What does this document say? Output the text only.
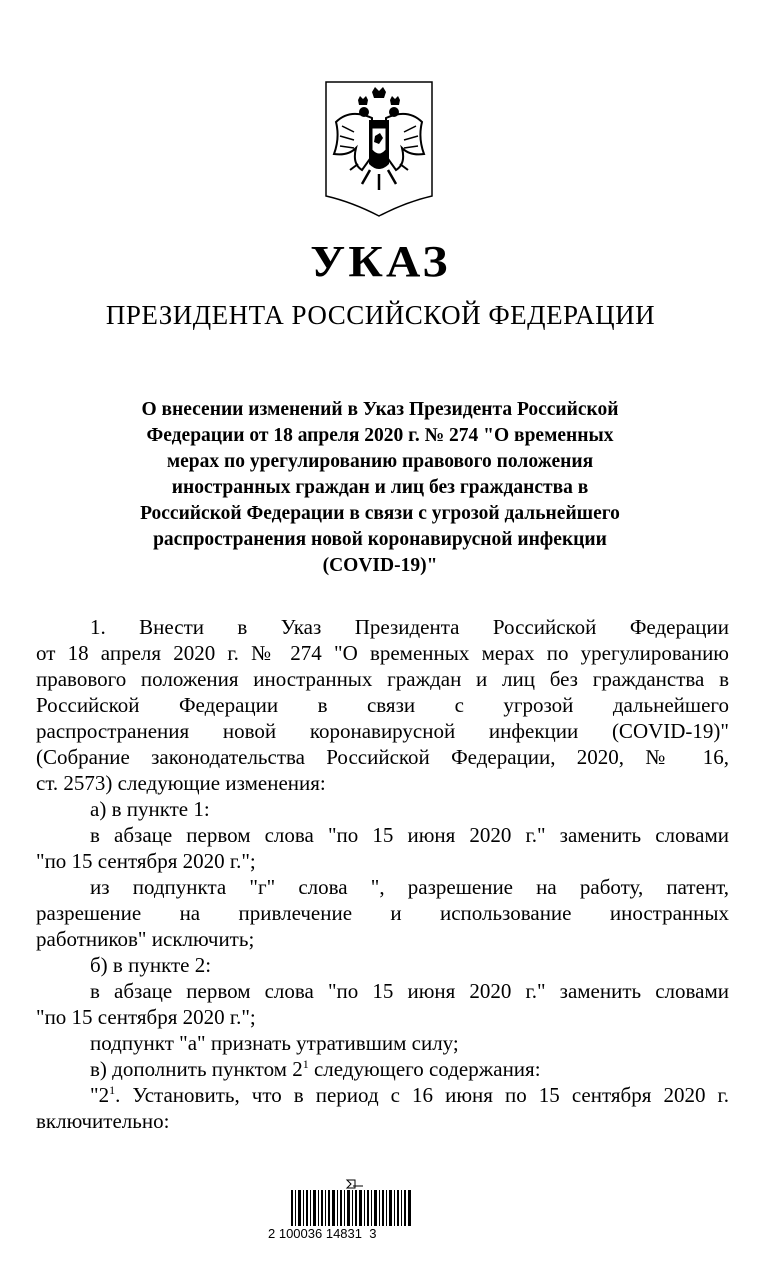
УКАЗ
ПРЕЗИДЕНТА РОССИЙСКОЙ ФЕДЕРАЦИИ
О внесении изменений в Указ Президента Российской
Федерации от 18 апреля 2020 г. № 274 "О временных
мерах по урегулированию правового положения
иностранных граждан и лиц без гражданства в
Российской Федерации в связи с угрозой дальнейшего
распространения новой коронавирусной инфекции
(COVID-19)"
1. Внести в Указ Президента Российской Федерации
от 18 апреля 2020 г. № 274 "О временных мерах по урегулированию
правового положения иностранных граждан и лиц без гражданства в
Российской Федерации в связи с угрозой дальнейшего
распространения новой коронавирусной инфекции (COVID-19)"
(Собрание законодательства Российской Федерации, 2020, № 16,
ст. 2573) следующие изменения:
а) в пункте 1:
в абзаце первом слова "по 15 июня 2020 г." заменить словами
"по 15 сентября 2020 г.";
из подпункта "г" слова ", разрешение на работу, патент,
разрешение на привлечение и использование иностранных
работников" исключить;
б) в пункте 2:
в абзаце первом слова "по 15 июня 2020 г." заменить словами
"по 15 сентября 2020 г.";
подпункт "а" признать утратившим силу;
в) дополнить пунктом $2^1$ следующего содержания:
"$2^1$ . Установить, что в период с 16 июня по 15 сентября 2020 г.
включительно:
2 100036 14831  3
